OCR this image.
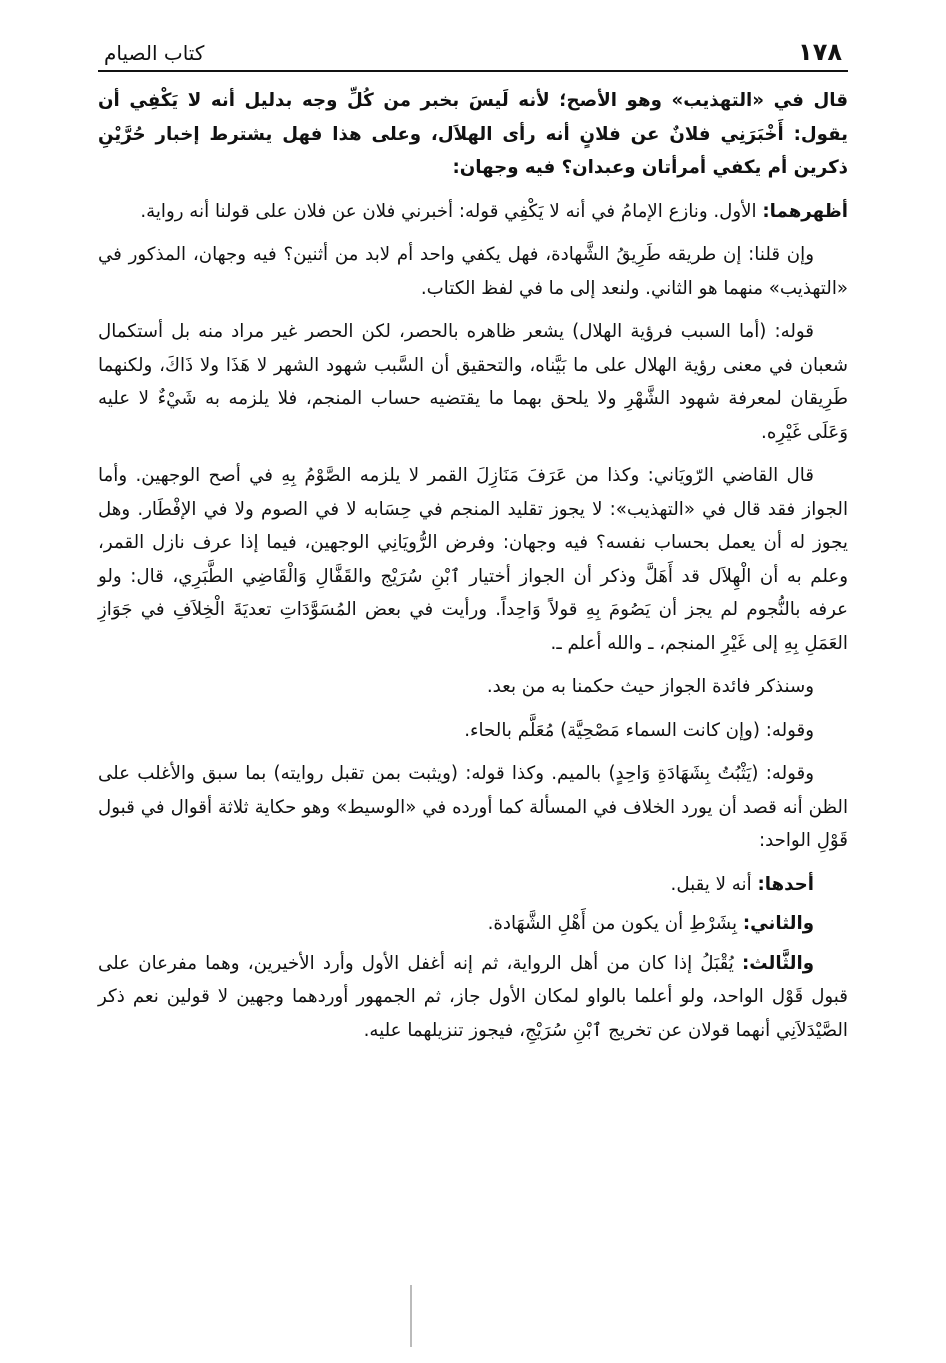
١٧٨
كتاب الصيام

قال في «التهذيب» وهو الأصح؛ لأنه لَيسَ بخبر من كُلِّ وجه بدليل أنه لا يَكْفِي أن يقول: أَخْبَرَنِي فلانٌ عن فلانٍ أنه رأى الهلاَل، وعلى هذا فهل يشترط إخبار حُرَّيْنِ ذكرين أم يكفي أمرأتان وعبدان؟ فيه وجهان:

أظهرهما: الأول. ونازع الإمامُ في أنه لا يَكْفِي قوله: أخبرني فلان عن فلان على قولنا أنه رواية.

وإن قلنا: إن طريقه طَرِيقُ الشَّهادة، فهل يكفي واحد أم لابد من أثنين؟ فيه وجهان، المذكور في «التهذيب» منهما هو الثاني. ولنعد إلى ما في لفظ الكتاب.

قوله: (أما السبب فرؤية الهلال) يشعر ظاهره بالحصر، لكن الحصر غير مراد منه بل أستكمال شعبان في معنى رؤية الهلال على ما بَيَّناه، والتحقيق أن السَّبب شهود الشهر لا هَذَا ولا ذَاكَ، ولكنهما طَرِيقان لمعرفة شهود الشَّهْرِ ولا يلحق بهما ما يقتضيه حساب المنجم، فلا يلزمه به شَيْءٌ لا عليه وَعَلَى غَيْرِه.

قال القاضي الرّويَاني: وكذا من عَرَفَ مَنَازِلَ القمر لا يلزمه الصَّوْمُ بِهِ في أصح الوجهين. وأما الجواز فقد قال في «التهذيب»: لا يجوز تقليد المنجم في حِسَابه لا في الصوم ولا في الإفْطَار. وهل يجوز له أن يعمل بحساب نفسه؟ فيه وجهان: وفرض الرُّويَانِي الوجهين، فيما إذا عرف نازل القمر، وعلم به أن الْهِلاَل قد أَهَلَّ وذكر أن الجواز أختيار ٱبْنِ سُرَيْج والقَفَّالِ وَالْقَاضِي الطَّبَرِي، قال: ولو عرفه بالنُّجوم لم يجز أن يَصُومَ بِهِ قولاً وَاحِداً. ورأيت في بعض المُسَوَّدَاتِ تعديَةَ الْخِلاَفِ في جَوَازِ العَمَلِ بِهِ إلى غَيْرِ المنجم، ـ والله أعلم ـ.

وسنذكر فائدة الجواز حيث حكمنا به من بعد.

وقوله: (وإن كانت السماء مَصْحِيَّة) مُعَلَّم بالحاء.

وقوله: (يَثْبُتُ بِشَهَادَةِ وَاحِدٍ) بالميم. وكذا قوله: (ويثبت بمن تقبل روايته) بما سبق والأغلب على الظن أنه قصد أن يورد الخلاف في المسألة كما أورده في «الوسيط» وهو حكاية ثلاثة أقوال في قبول قَوْلِ الواحد:

أحدها: أنه لا يقبل.

والثاني: بِشَرْطِ أن يكون من أَهْلِ الشَّهَادة.

والثَّالث: يُقْبَلُ إذا كان من أهل الرواية، ثم إنه أغفل الأول وأرد الأخيرين، وهما مفرعان على قبول قَوْل الواحد، ولو أعلما بالواو لمكان الأول جاز، ثم الجمهور أوردهما وجهين لا قولين نعم ذكر الصَّيْدَلاَنِي أنهما قولان عن تخريج ٱبْنِ سُرَيْجِ، فيجوز تنزيلهما عليه.
